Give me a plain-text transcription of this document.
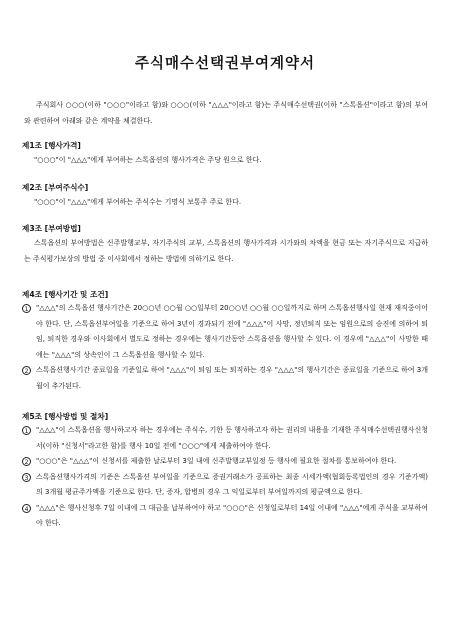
주식매수선택권부여계약서
주식회사 ○○○(이하 "○○○"이라고 함)와 ○○○(이하 "△△△"이라고 함)는 주식매수선택권(이하 "스톡옵션"이라고 함)의 부여와 관련하여 아래와 같은 계약을 체결한다.
제1조 [행사가격]
"○○○"이 "△△△"에게 부여하는 스톡옵션의 행사가격은 주당 원으로 한다.
제2조 [부여주식수]
"○○○"이 "△△△"에게 부여하는 주식수는 기명식 보통주 주로 한다.
제3조 [부여방법]
스톡옵션의 부여방법은 신주발행교부, 자기주식의 교부, 스톡옵션의 행사가격과 시가와의 차액을 현금 또는 자기주식으로 지급하는 주식평가보상의 방법 중 이사회에서 정하는 방법에 의하기로 한다.
제4조 [행사기간 및 조건]
1	"△△△"의 스톡옵션 행사기간은 20○○년 ○○월 ○○일부터 20○○년 ○○월 ○○일까지로 하며 스톡옵션행사일 현재 재직중이어야 한다. 단, 스톡옵션부여일을 기준으로 하여 3년이 경과되기 전에 "△△△"이 사망, 정년퇴직 또는 임원으로의 승진에 의하여 퇴임, 퇴직한 경우와 이사회에서 별도로 정하는 경우에는 행사기간동안 스톡옵션을 행사할 수 있다. 이 경우에 "△△△"이 사망한 때에는 "△△△"의 상속인이 그 스톡옵션을 행사할 수 있다.
2	스톡옵션행사기간 종료일을 기준일로 하여 "△△△"이 퇴임 또는 퇴직하는 경우 "△△△"의 행사기간은 종료일을 기준으로 하여 3개월이 추가된다.
제5조 [행사방법 및 절차]
1	"△△△"이 스톡옵션을 행사하고자 하는 경우에는 주식수, 기한 등 행사하고자 하는 권리의 내용을 기재한 주식매수선택권행사신청서(이하 "신청서"라고한 함)를 행사 10일 전에 "○○○"에게 제출하여야 한다.
2	"○○○"은 "△△△"이 신청서를 제출한 날로부터 3일 내에 신주발행교부일정 등 행사에 필요한 절차를 통보하여야 한다.
3	스톡옵션행사가격의 기준은 스톡옵션 부여일을 기준으로 증권거래소가 공표하는 최종 시세가액(협회등록법인의 경우 기준가액)의 3개월 평균주가액을 기준으로 한다. 단, 증자, 합병의 경우 그 익일로부터 부여일까지의 평균액으로 한다.
4	"△△△"은 행사신청후 7일 이내에 그 대금을 납부하여야 하고 "○○○"은 신청일로부터 14일 이내에 "△△△"에게 주식을 교부하여야 한다.
